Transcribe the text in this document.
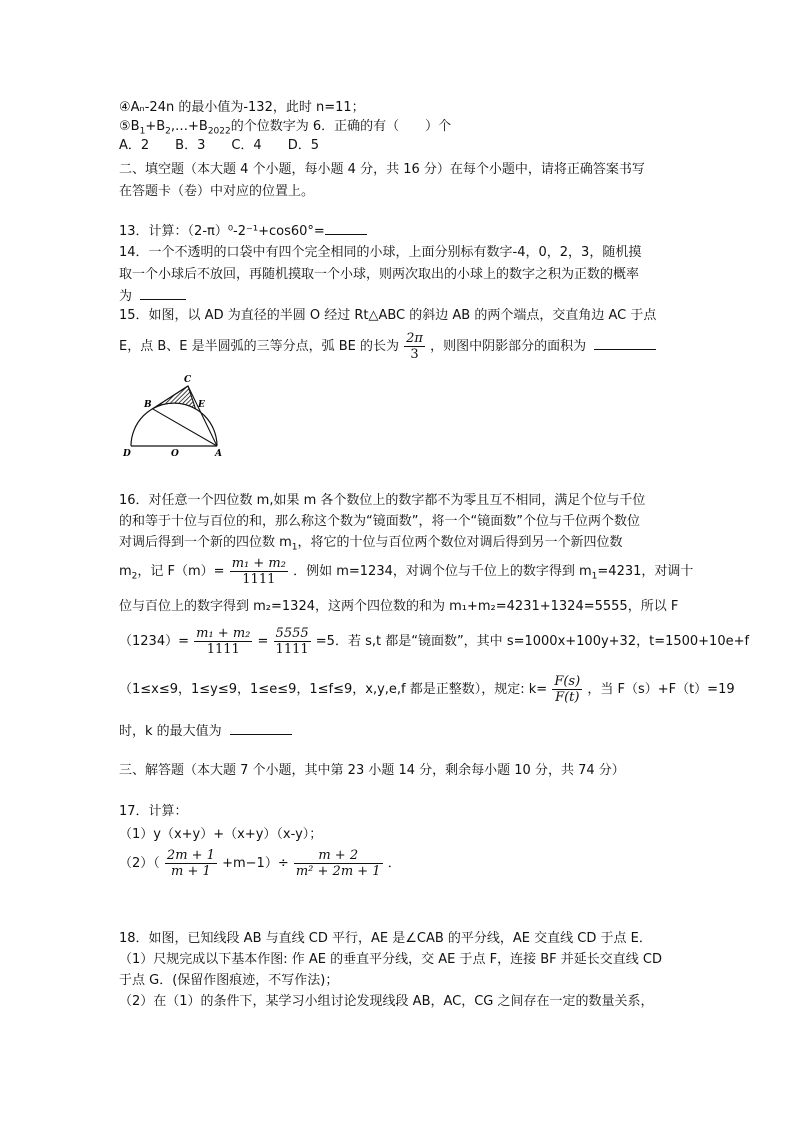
④Aₙ-24n 的最小值为-132，此时 n=11；
$⑤B_1+B_2,\dots+B_{2022}$的个位数字为 6．正确的有（　　）个
A．2　　B．3　　C．4　　D．5
二、填空题（本大题 4 个小题，每小题 4 分，共 16 分）在每个小题中，请将正确答案书写
在答题卡（卷）中对应的位置上。
13．计算：（2-π）⁰-2⁻¹+cos60°=
14．一个不透明的口袋中有四个完全相同的小球，上面分别标有数字-4，0，2，3，随机摸
取一个小球后不放回，再随机摸取一个小球，则两次取出的小球上的数字之积为正数的概率
为
15．如图，以 AD 为直径的半圆 O 经过 Rt△ABC 的斜边 AB 的两个端点，交直角边 AC 于点
E，点 B、E 是半圆弧的三等分点，弧 BE 的长为 $\frac{2\pi}{3}$ ，则图中阴影部分的面积为
C
B	E
D	O	A
16．对任意一个四位数 m,如果 m 各个数位上的数字都不为零且互不相同，满足个位与千位
的和等于十位与百位的和，那么称这个数为“镜面数”，将一个“镜面数”个位与千位两个数位
对调后得到一个新的四位数 $m_1$，将它的十位与百位两个数位对调后得到另一个新四位数
$m_2$，记 $F(m)= \frac{\text{m₁ + m₂}}{1111}$ ．例如 m=1234，对调个位与千位上的数字得到 $m_1=4231$，对调十
位与百位上的数字得到 m₂=1324，这两个四位数的和为 m₁+m₂=4231+1324=5555，所以 F
$(1234)= \frac{\text{m₁ + m₂}}{1111} = \frac{5555}{1111} =5$．若 s,t 都是“镜面数”，其中 s=1000x+100y+32，t=1500+10e+f
（1≤x≤9，1≤y≤9，1≤e≤9，1≤f≤9，x,y,e,f 都是正整数），规定: $k= \frac{F(s)}{F(t)}$ ，当 F（s）+F（t）=19
时，k 的最大值为
三、解答题（本大题 7 个小题，其中第 23 小题 14 分，剩余每小题 10 分，共 74 分）
17．计算：
（1）y（x+y）+（x+y）（x-y）；
$(2)( \frac{2m + 1}{m + 1} +m-1)\div \frac{m + 2}{\text{m² + 2m + 1}}$ ．
18．如图，已知线段 AB 与直线 CD 平行，AE 是∠CAB 的平分线，AE 交直线 CD 于点 E．
（1）尺规完成以下基本作图: 作 AE 的垂直平分线，交 AE 于点 F，连接 BF 并延长交直线 CD
于点 G．(保留作图痕迹，不写作法)；
（2）在（1）的条件下，某学习小组讨论发现线段 AB，AC，CG 之间存在一定的数量关系，
